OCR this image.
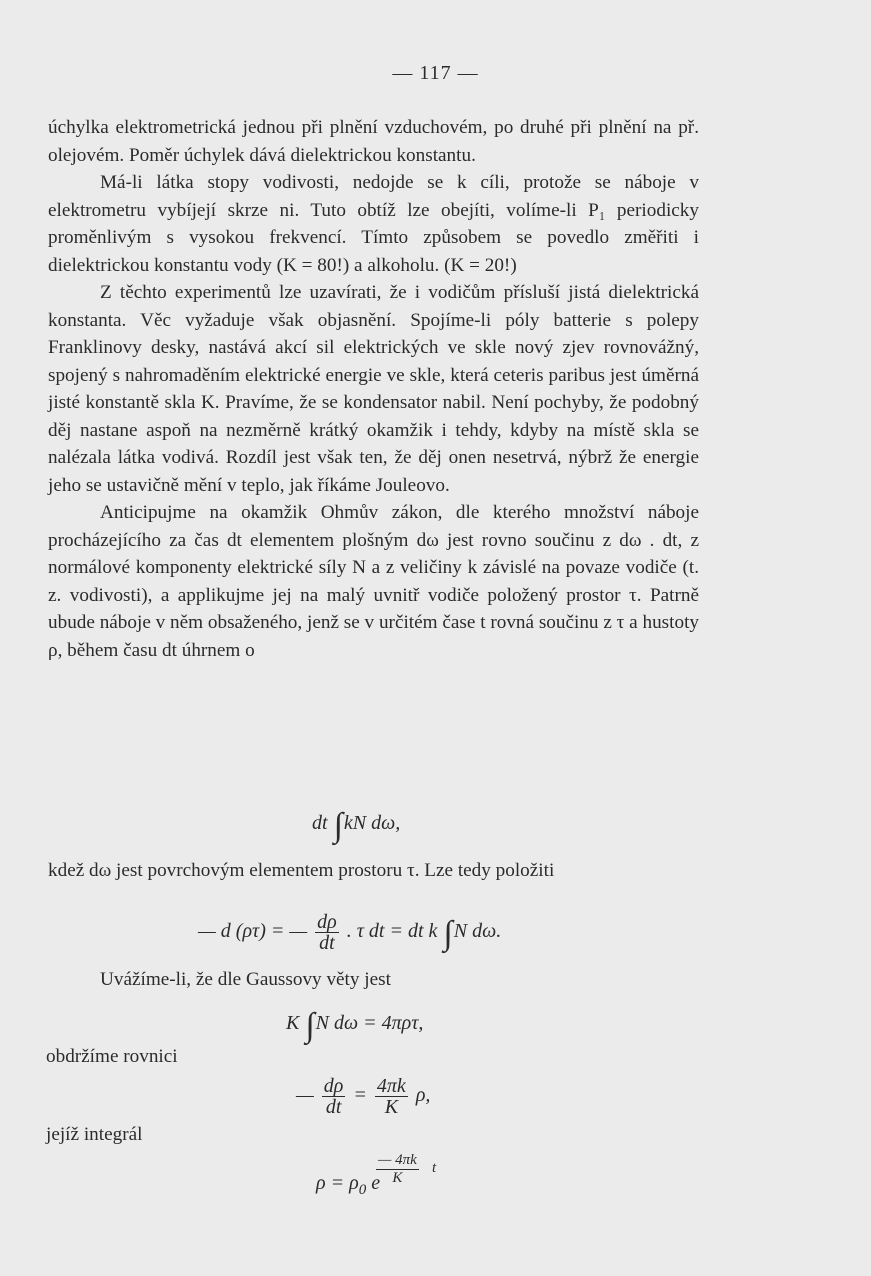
— 117 —

úchylka elektrometrická jednou při plnění vzduchovém, po druhé při plnění na př. olejovém. Poměr úchylek dává dielektrickou konstantu.

Má-li látka stopy vodivosti, nedojde se k cíli, protože se náboje v elektrometru vybíjejí skrze ni. Tuto obtíž lze obejíti, volíme-li P₁ periodicky proměnlivým s vysokou frekvencí. Tímto způsobem se povedlo změřiti i dielektrickou konstantu vody (K = 80!) a alkoholu. (K = 20!)

Z těchto experimentů lze uzavírati, že i vodičům přísluší jistá dielektrická konstanta. Věc vyžaduje však objasnění. Spojíme-li póly batterie s polepy Franklinovy desky, nastává akcí sil elektrických ve skle nový zjev rovnovážný, spojený s nahromaděním elektrické energie ve skle, která ceteris paribus jest úměrná jisté konstantě skla K. Pravíme, že se kondensator nabil. Není pochyby, že podobný děj nastane aspoň na nezměrně krátký okamžik i tehdy, kdyby na místě skla se nalézala látka vodivá. Rozdíl jest však ten, že děj onen nesetrvá, nýbrž že energie jeho se ustavičně mění v teplo, jak říkáme Jouleovo.

Anticipujme na okamžik Ohmův zákon, dle kterého množství náboje procházejícího za čas dt elementem plošným dω jest rovno součinu z dω . dt, z normálové komponenty elektrické síly N a z veličiny k závislé na povaze vodiče (t. z. vodivosti), a applikujme jej na malý uvnitř vodiče položený prostor τ. Patrně ubude náboje v něm obsaženého, jenž se v určitém čase t rovná součinu z τ a hustoty ρ, během času dt úhrnem o

dt ∫kN dω,

kdež dω jest povrchovým elementem prostoru τ. Lze tedy položiti

— d (ρτ) = — $\frac{d\rho}{dt}$ . τ dt = dt k ∫N dω.

Uvážíme-li, že dle Gaussovy věty jest

K ∫N dω = 4πρτ,
obdržíme rovnici
— $\frac{d\rho}{dt} = \frac{4\pi k}{K} \rho$,
jejíž integrál
$\rho = \rho_0$ e
$\frac{— 4\pi k}{K}$ t
